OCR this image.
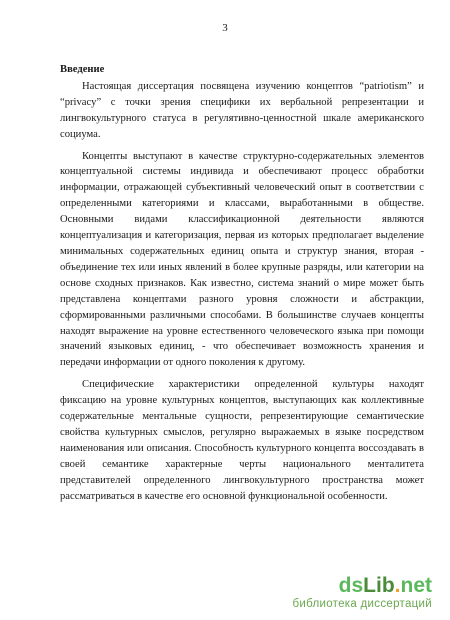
3

Введение

Настоящая диссертация посвящена изучению концептов “patriotism” и “privacy” с точки зрения специфики их вербальной репрезентации и лингвокультурного статуса в регулятивно-ценностной шкале американского социума.

Концепты выступают в качестве структурно-содержательных элементов концептуальной системы индивида и обеспечивают процесс обработки информации, отражающей субъективный человеческий опыт в соответствии с определенными категориями и классами, выработанными в обществе. Основными видами классификационной деятельности являются концептуализация и категоризация, первая из которых предполагает выделение минимальных содержательных единиц опыта и структур знания, вторая - объединение тех или иных явлений в более крупные разряды, или категории на основе сходных признаков. Как известно, система знаний о мире может быть представлена концептами разного уровня сложности и абстракции, сформированными различными способами. В большинстве случаев концепты находят выражение на уровне естественного человеческого языка при помощи значений языковых единиц, - что обеспечивает возможность хранения и передачи информации от одного поколения к другому.

Специфические характеристики определенной культуры находят фиксацию на уровне культурных концептов, выступающих как коллективные содержательные ментальные сущности, репрезентирующие семантические свойства культурных смыслов, регулярно выражаемых в языке посредством наименования или описания. Способность культурного концепта воссоздавать в своей семантике характерные черты национального менталитета представителей определенного лингвокультурного пространства может рассматриваться в качестве его основной функциональной особенности.

dsLib.net
библиотека диссертаций
